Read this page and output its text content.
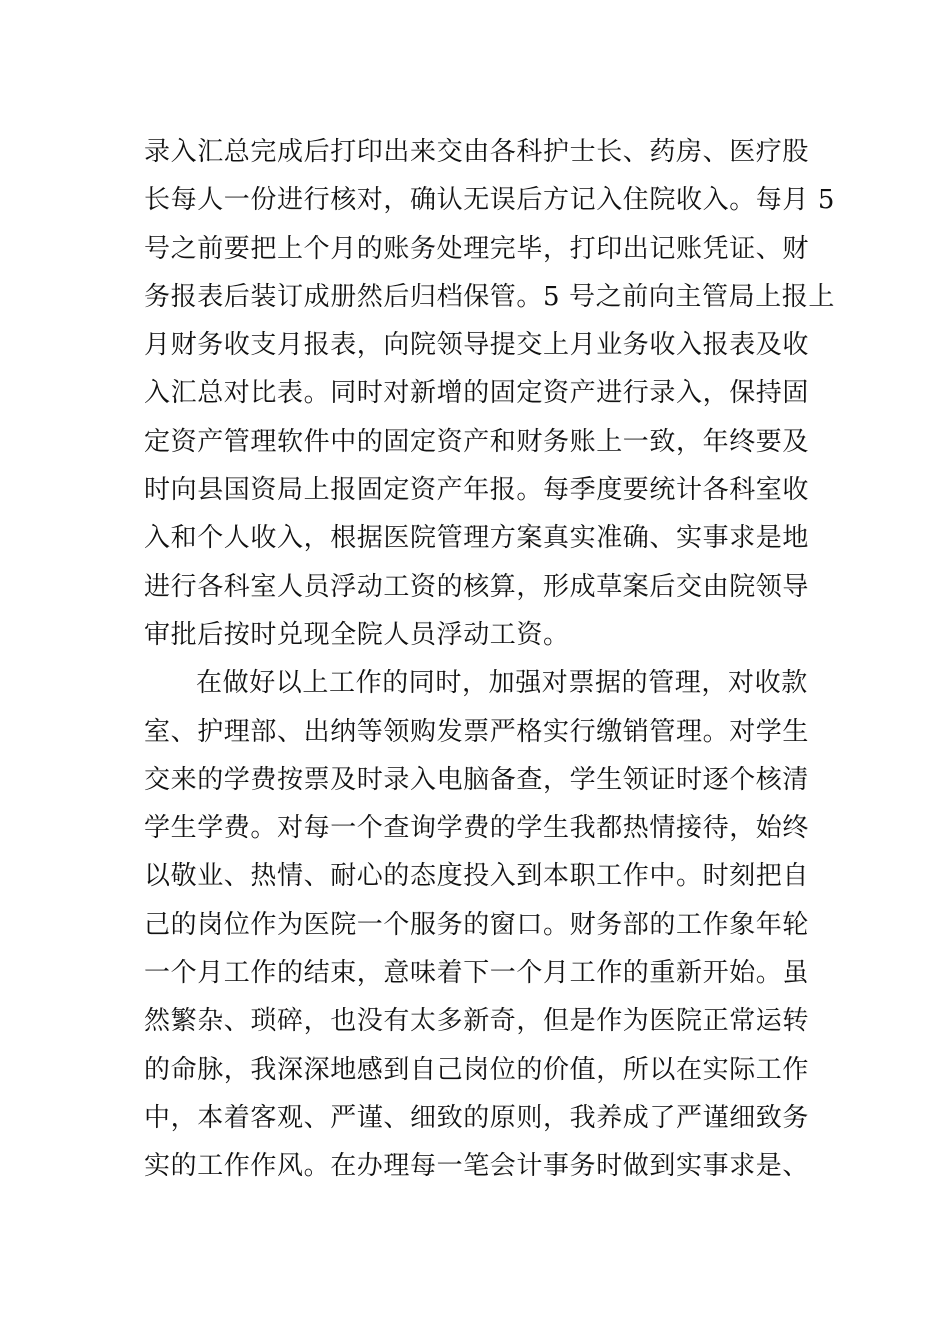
录入汇总完成后打印出来交由各科护士长、药房、医疗股
长每人一份进行核对，确认无误后方记入住院收入。每月 5
号之前要把上个月的账务处理完毕，打印出记账凭证、财
务报表后装订成册然后归档保管。5 号之前向主管局上报上
月财务收支月报表，向院领导提交上月业务收入报表及收
入汇总对比表。同时对新增的固定资产进行录入，保持固
定资产管理软件中的固定资产和财务账上一致，年终要及
时向县国资局上报固定资产年报。每季度要统计各科室收
入和个人收入，根据医院管理方案真实准确、实事求是地
进行各科室人员浮动工资的核算，形成草案后交由院领导
审批后按时兑现全院人员浮动工资。
在做好以上工作的同时，加强对票据的管理，对收款
室、护理部、出纳等领购发票严格实行缴销管理。对学生
交来的学费按票及时录入电脑备查，学生领证时逐个核清
学生学费。对每一个查询学费的学生我都热情接待，始终
以敬业、热情、耐心的态度投入到本职工作中。时刻把自
己的岗位作为医院一个服务的窗口。财务部的工作象年轮
一个月工作的结束，意味着下一个月工作的重新开始。虽
然繁杂、琐碎，也没有太多新奇，但是作为医院正常运转
的命脉，我深深地感到自己岗位的价值，所以在实际工作
中，本着客观、严谨、细致的原则，我养成了严谨细致务
实的工作作风。在办理每一笔会计事务时做到实事求是、
